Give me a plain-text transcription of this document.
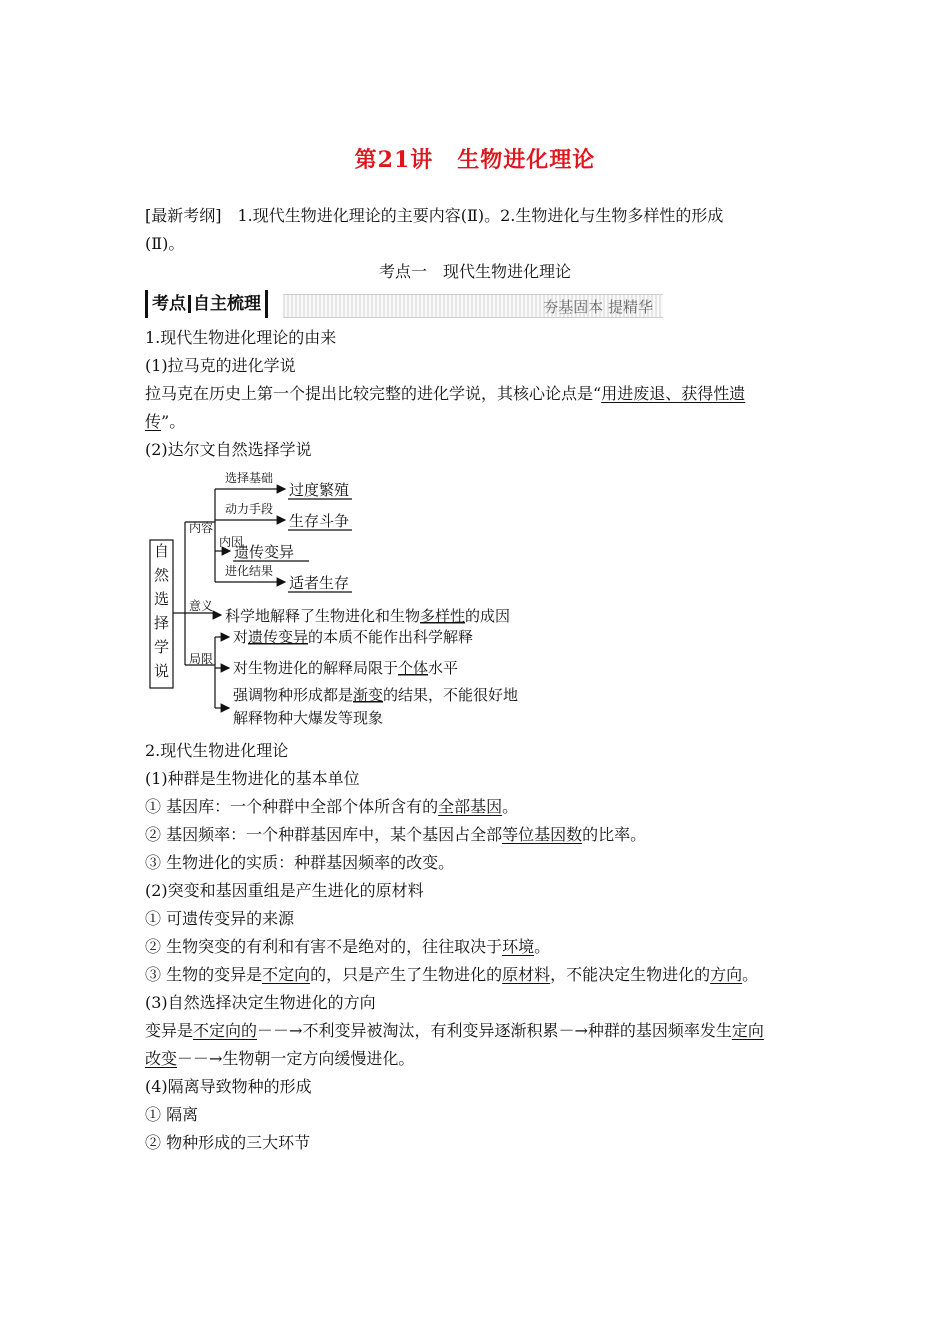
第21讲 生物进化理论
[最新考纲]　1.现代生物进化理论的主要内容(Ⅱ)。2.生物进化与生物多样性的形成
(Ⅱ)。
考点一　现代生物进化理论
考点 自主梳理	夯基固本 提精华
1.现代生物进化理论的由来
(1)拉马克的进化学说
拉马克在历史上第一个提出比较完整的进化学说，其核心论点是“用进废退、获得性遗
传”。
(2)达尔文自然选择学说
自
然
选
择
学
说
内容
意义
局限
选择基础
动力手段
内因
进化结果
过度繁殖
生存斗争
遗传变异
适者生存
科学地解释了生物进化和生物多样性的成因
对遗传变异的本质不能作出科学解释
对生物进化的解释局限于个体水平
强调物种形成都是渐变的结果，不能很好地
解释物种大爆发等现象
2.现代生物进化理论
(1)种群是生物进化的基本单位
① 基因库：一个种群中全部个体所含有的全部基因。
② 基因频率：一个种群基因库中，某个基因占全部等位基因数的比率。
③ 生物进化的实质：种群基因频率的改变。
(2)突变和基因重组是产生进化的原材料
① 可遗传变异的来源
② 生物突变的有利和有害不是绝对的，往往取决于环境。
③ 生物的变异是不定向的，只是产生了生物进化的原材料，不能决定生物进化的方向。
(3)自然选择决定生物进化的方向
变异是不定向的－－→不利变异被淘汰，有利变异逐渐积累－→种群的基因频率发生定向
改变－－→生物朝一定方向缓慢进化。
(4)隔离导致物种的形成
① 隔离
② 物种形成的三大环节
